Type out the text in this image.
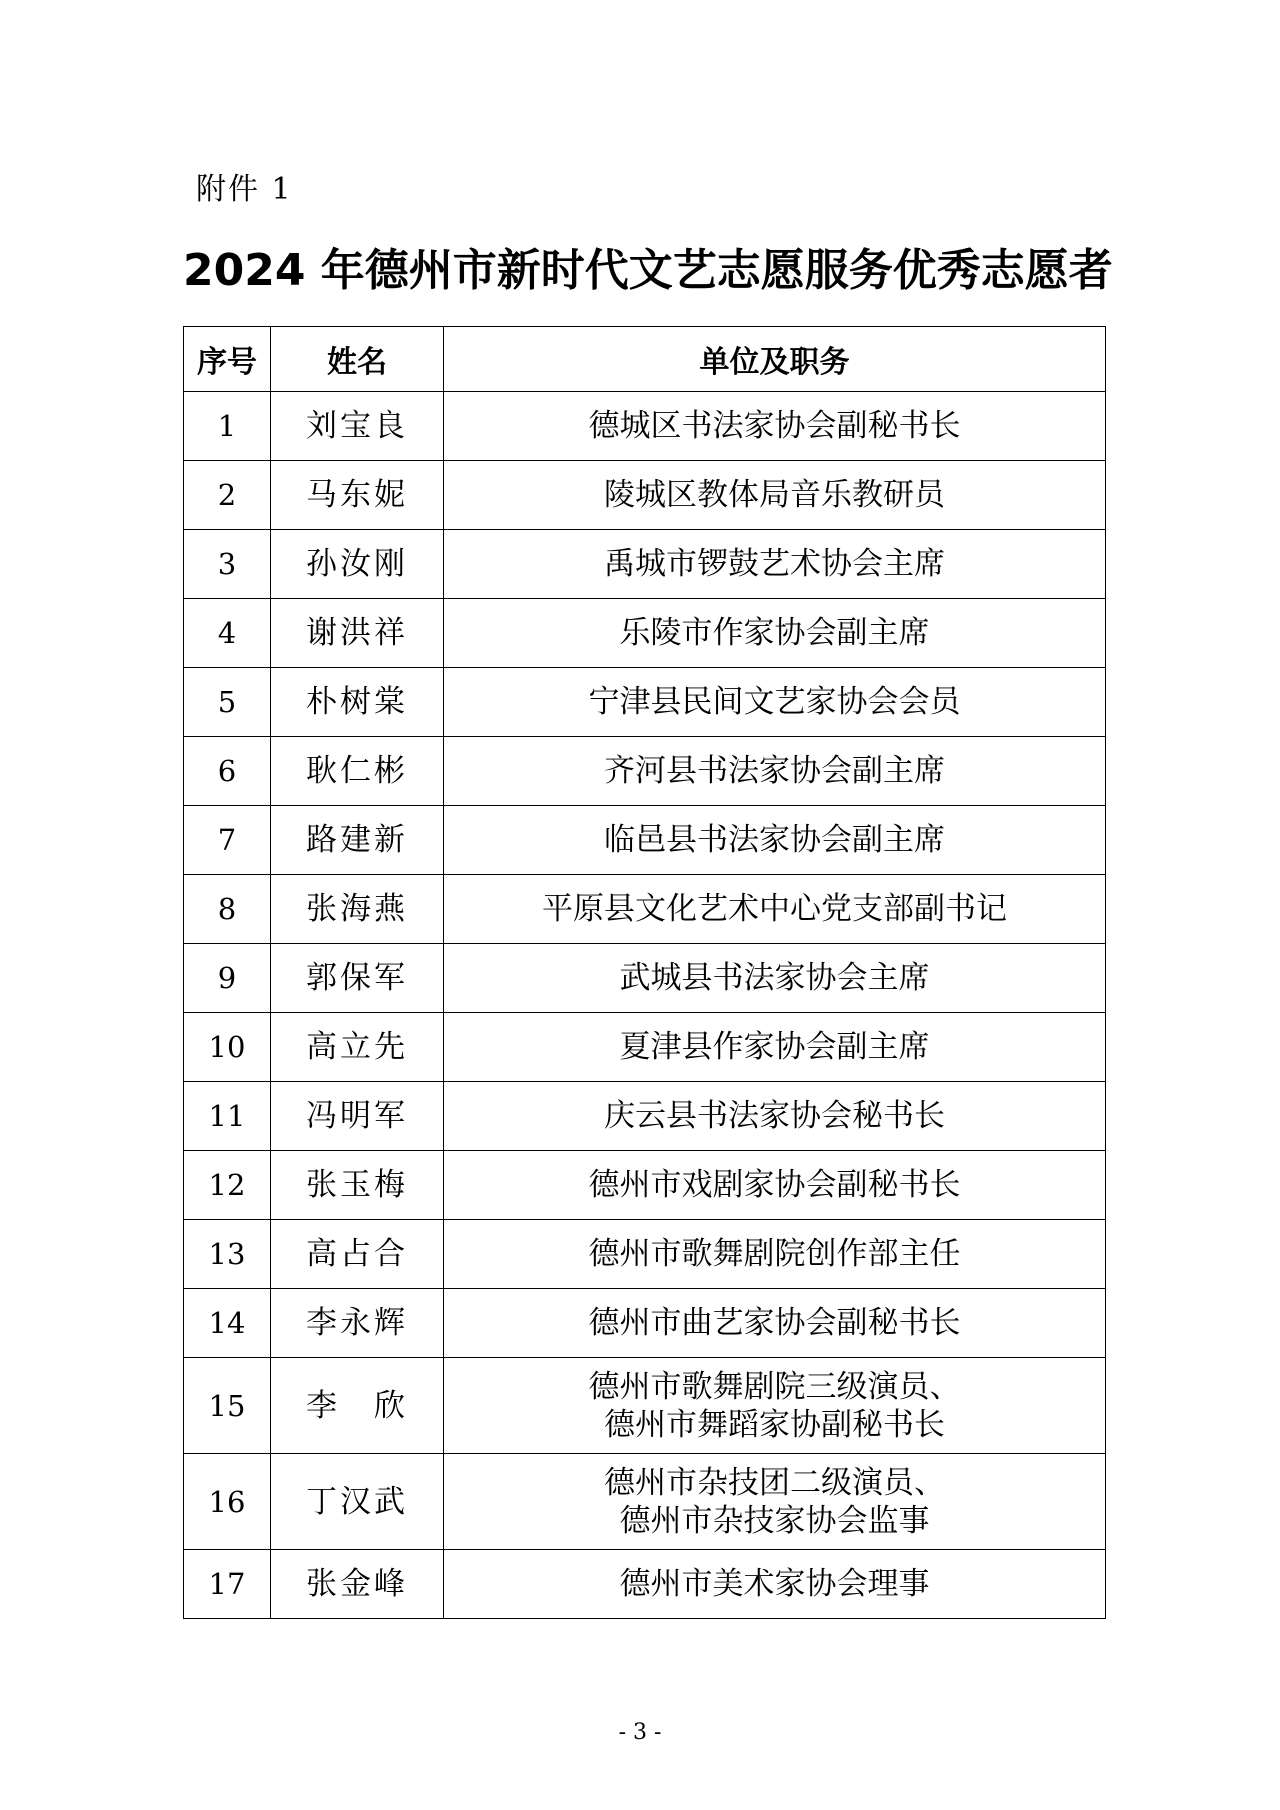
附件 1
2024 年德州市新时代文艺志愿服务优秀志愿者
序号	姓名	单位及职务
1	刘宝良	德城区书法家协会副秘书长

2	马东妮	陵城区教体局音乐教研员

3	孙汝刚	禹城市锣鼓艺术协会主席

4	谢洪祥	乐陵市作家协会副主席

5	朴树棠	宁津县民间文艺家协会会员

6	耿仁彬	齐河县书法家协会副主席

7	路建新	临邑县书法家协会副主席

8	张海燕	平原县文化艺术中心党支部副书记

9	郭保军	武城县书法家协会主席

10	高立先	夏津县作家协会副主席

11	冯明军	庆云县书法家协会秘书长

12	张玉梅	德州市戏剧家协会副秘书长

13	高占合	德州市歌舞剧院创作部主任

14	李永辉	德州市曲艺家协会副秘书长

15	李　欣	德州市歌舞剧院三级演员、
德州市舞蹈家协副秘书长

16	丁汉武	德州市杂技团二级演员、
德州市杂技家协会监事

17	张金峰	德州市美术家协会理事
- 3 -
